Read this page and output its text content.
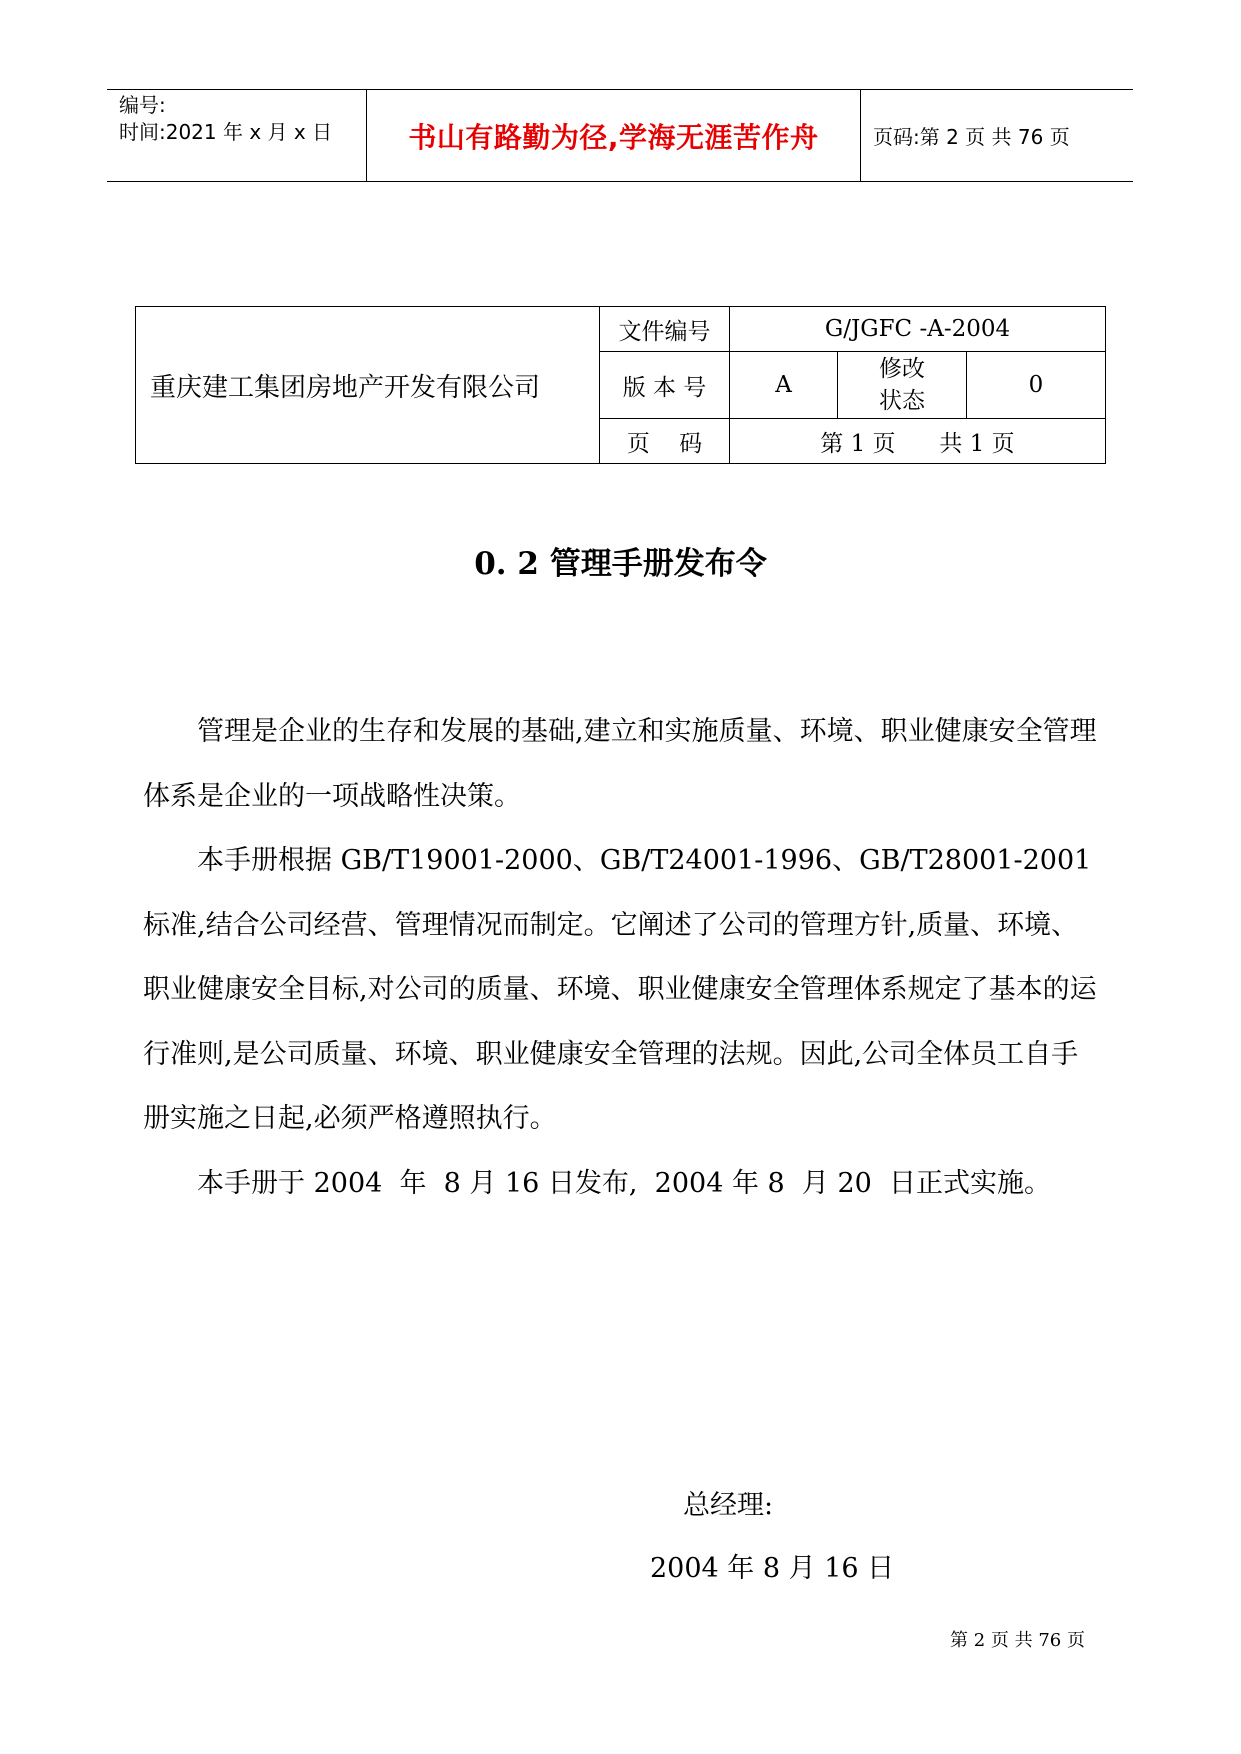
编号:
时间:2021 年 x 月 x 日	书山有路勤为径,学海无涯苦作舟	页码:第 2 页 共 76 页
重庆建工集团房地产开发有限公司	文件编号	G/JGFC -A-2004		
	版 本 号	A	修改
状态	0
	页    码	第 1 页      共 1 页		
0. 2 管理手册发布令

管理是企业的生存和发展的基础,建立和实施质量、环境、职业健康安全管理体系是企业的一项战略性决策。

本手册根据 GB/T19001-2000、GB/T24001-1996、GB/T28001-2001 标准,结合公司经营、管理情况而制定。它阐述了公司的管理方针,质量、环境、职业健康安全目标,对公司的质量、环境、职业健康安全管理体系规定了基本的运行准则,是公司质量、环境、职业健康安全管理的法规。因此,公司全体员工自手册实施之日起,必须严格遵照执行。

本手册于 2004  年  8 月 16 日发布,  2004 年 8  月 20  日正式实施。

总经理:
2004 年 8 月 16 日
第 2 页 共 76 页
